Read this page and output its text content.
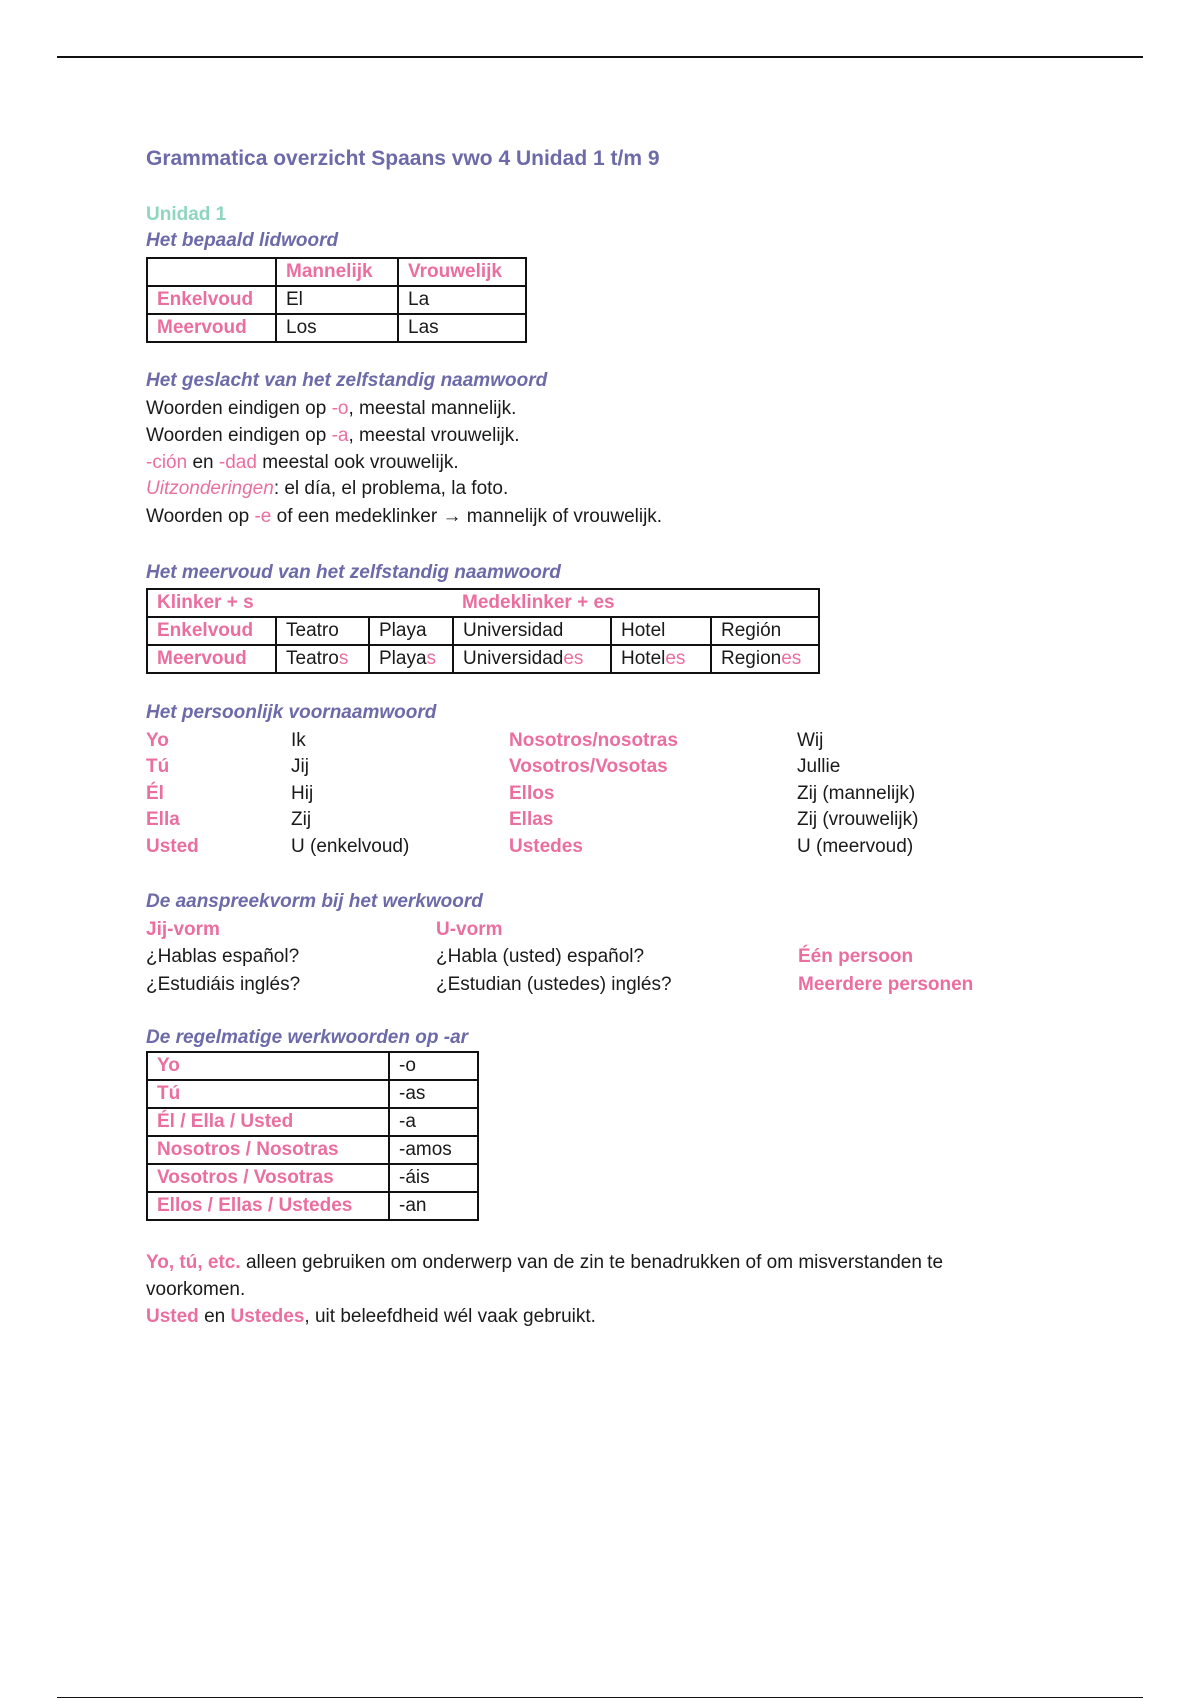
Grammatica overzicht Spaans vwo 4 Unidad 1 t/m 9
Unidad 1
Het bepaald lidwoord
	Mannelijk	Vrouwelijk
Enkelvoud	El	La
Meervoud	Los	Las
Het geslacht van het zelfstandig naamwoord
Woorden eindigen op -o, meestal mannelijk.
Woorden eindigen op -a, meestal vrouwelijk.
-ción en -dad meestal ook vrouwelijk.
Uitzonderingen: el día, el problema, la foto.
Woorden op -e of een medeklinker → mannelijk of vrouwelijk.
Het meervoud van het zelfstandig naamwoord
Klinker + s			Medeklinker + es		
Enkelvoud	Teatro	Playa	Universidad	Hotel	Región
Meervoud	Teatros	Playas	Universidades	Hoteles	Regiones
Het persoonlijk voornaamwoord
Yo	Ik	Nosotros/nosotras	Wij
Tú	Jij	Vosotros/Vosotas	Jullie
Él	Hij	Ellos	Zij (mannelijk)
Ella	Zij	Ellas	Zij (vrouwelijk)
Usted	U (enkelvoud)	Ustedes	U (meervoud)
De aanspreekvorm bij het werkwoord
Jij-vorm	U-vorm
¿Hablas español?	¿Habla (usted) español?	Één persoon
¿Estudiáis inglés?	¿Estudian (ustedes) inglés?	Meerdere personen
De regelmatige werkwoorden op -ar
Yo	-o
Tú	-as
Él / Ella / Usted	-a
Nosotros / Nosotras	-amos
Vosotros / Vosotras	-áis
Ellos / Ellas / Ustedes	-an
Yo, tú, etc. alleen gebruiken om onderwerp van de zin te benadrukken of om misverstanden te
voorkomen.
Usted en Ustedes, uit beleefdheid wél vaak gebruikt.
